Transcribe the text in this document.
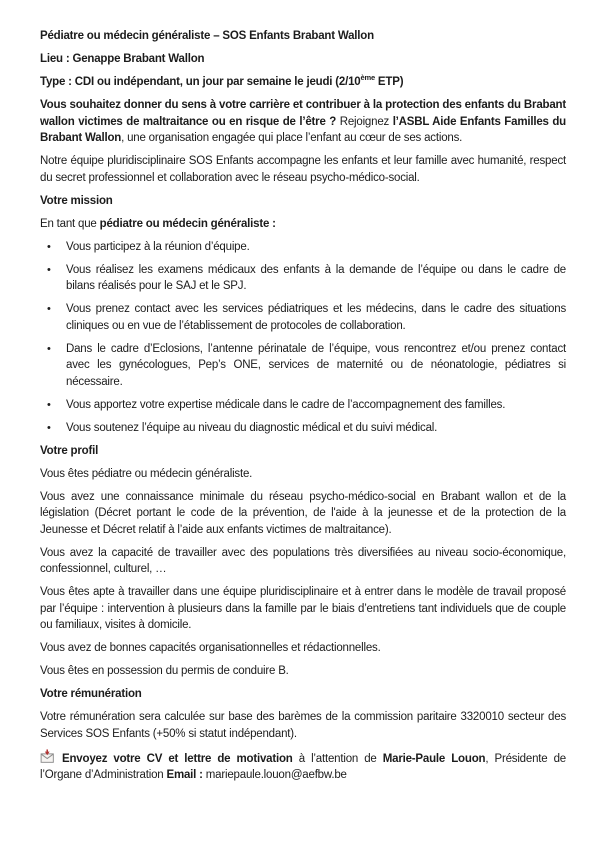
Pédiatre ou médecin généraliste – SOS Enfants Brabant Wallon

Lieu : Genappe Brabant Wallon

Type : CDI ou indépendant, un jour par semaine le jeudi (2/10ème ETP)

Vous souhaitez donner du sens à votre carrière et contribuer à la protection des enfants du Brabant wallon victimes de maltraitance ou en risque de l’être ? Rejoignez l’ASBL Aide Enfants Familles du Brabant Wallon, une organisation engagée qui place l’enfant au cœur de ses actions.

Notre équipe pluridisciplinaire SOS Enfants accompagne les enfants et leur famille avec humanité, respect du secret professionnel et collaboration avec le réseau psycho-médico-social.

Votre mission

En tant que pédiatre ou médecin généraliste :

•	Vous participez à la réunion d’équipe.
•	Vous réalisez les examens médicaux des enfants à la demande de l’équipe ou dans le cadre de bilans réalisés pour le SAJ et le SPJ.
•	Vous prenez contact avec les services pédiatriques et les médecins, dans le cadre des situations cliniques ou en vue de l’établissement de protocoles de collaboration.
•	Dans le cadre d’Eclosions, l’antenne périnatale de l’équipe, vous rencontrez et/ou prenez contact avec les gynécologues, Pep’s ONE, services de maternité ou de néonatologie, pédiatres si nécessaire.
•	Vous apportez votre expertise médicale dans le cadre de l’accompagnement des familles.
•	Vous soutenez l’équipe au niveau du diagnostic médical et du suivi médical.

Votre profil

Vous êtes pédiatre ou médecin généraliste.

Vous avez une connaissance minimale du réseau psycho-médico-social en Brabant wallon et de la législation (Décret portant le code de la prévention, de l'aide à la jeunesse et de la protection de la Jeunesse et Décret relatif à l’aide aux enfants victimes de maltraitance).

Vous avez la capacité de travailler avec des populations très diversifiées au niveau socio-économique, confessionnel, culturel, …

Vous êtes apte à travailler dans une équipe pluridisciplinaire et à entrer dans le modèle de travail proposé par l’équipe : intervention à plusieurs dans la famille par le biais d’entretiens tant individuels que de couple ou familiaux, visites à domicile.

Vous avez de bonnes capacités organisationnelles et rédactionnelles.

Vous êtes en possession du permis de conduire B.

Votre rémunération

Votre rémunération sera calculée sur base des barèmes de la commission paritaire 3320010 secteur des Services SOS Enfants (+50% si statut indépendant).

Envoyez votre CV et lettre de motivation à l’attention de Marie-Paule Louon, Présidente de l’Organe d’Administration Email : mariepaule.louon@aefbw.be
